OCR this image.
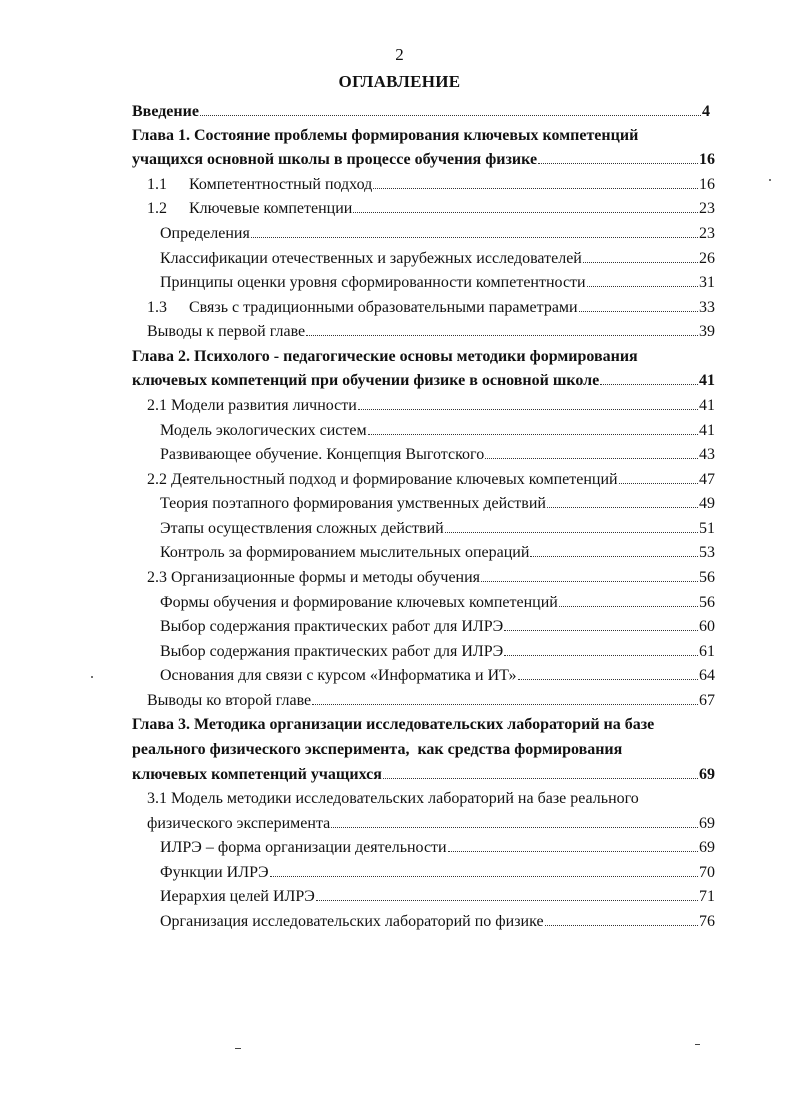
2
ОГЛАВЛЕНИЕ
Введение	4
Глава 1. Состояние проблемы формирования ключевых компетенций
учащихся основной школы в процессе обучения физике	16
1.1 Компетентностный подход	16
1.2 Ключевые компетенции	23
Определения	23
Классификации отечественных и зарубежных исследователей	26
Принципы оценки уровня сформированности компетентности	31
1.3 Связь с традиционными образовательными параметрами	33
Выводы к первой главе	39
Глава 2. Психолого - педагогические основы методики формирования
ключевых компетенций при обучении физике в основной школе	41
2.1 Модели развития личности	41
Модель экологических систем	41
Развивающее обучение. Концепция Выготского	43
2.2 Деятельностный подход и формирование ключевых компетенций	47
Теория поэтапного формирования умственных действий	49
Этапы осуществления сложных действий	51
Контроль за формированием мыслительных операций	53
2.3 Организационные формы и методы обучения	56
Формы обучения и формирование ключевых компетенций	56
Выбор содержания практических работ для ИЛРЭ	60
Выбор содержания практических работ для ИЛРЭ	61
Основания для связи с курсом «Информатика и ИТ»	64
Выводы ко второй главе	67
Глава 3. Методика организации исследовательских лабораторий на базе
реального физического эксперимента,  как средства формирования
ключевых компетенций учащихся	69
3.1 Модель методики исследовательских лабораторий на базе реального
физического эксперимента	69
ИЛРЭ – форма организации деятельности	69
Функции ИЛРЭ	70
Иерархия целей ИЛРЭ	71
Организация исследовательских лабораторий по физике	76
